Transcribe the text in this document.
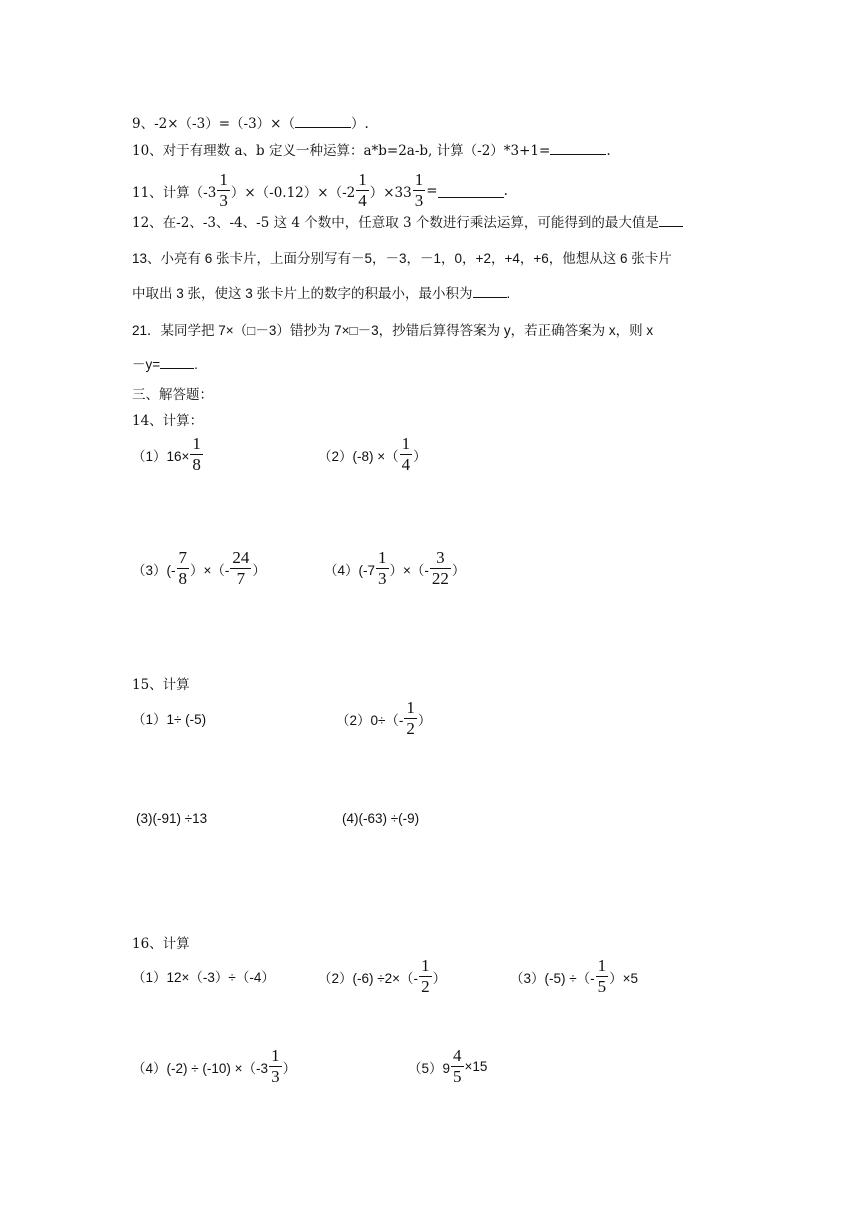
9、-2×（-3）=（-3）×（	）.
10、对于有理数 a、b 定义一种运算：a*b=2a-b, 计算（-2）*3+1=	.
11、计算$(-3 \frac{1}{3} )\times(-0.12)\times(-2 \frac{1}{4} )\times 33 \frac{1}{3}$ =	.
12、在-2、-3、-4、-5 这 4 个数中，任意取 3 个数进行乘法运算，可能得到的最大值是
13、小亮有 6 张卡片，上面分别写有－5，－3，－1，0，+2，+4，+6，他想从这 6 张卡片
中取出 3 张，使这 3 张卡片上的数字的积最小，最小积为	.
21．某同学把 7×（□－3）错抄为 7×□－3，抄错后算得答案为 y，若正确答案为 x，则 x
－y=	.
三、解答题：
14、计算：
$(1)16\times \frac{1}{8}$	（2）(-8) ×（ $\frac{1}{4}$ ）
$(3)(- \frac{7}{8}$ ）×（- $\frac{24}{7}$ ）	$(4)(-7 \frac{1}{3}$ ）×（- $\frac{3}{22}$ ）
15、计算
（1）1÷ (-5)	$(2)0\div(- \frac{1}{2}$ ）
(3)(-91) ÷13	(4)(-63) ÷(-9)
16、计算
（1）12×（-3）÷（-4）	$(2)(-6) \div 2\times(- \frac{1}{2}$ ）	（3）(-5) ÷（- $\frac{1}{5} )\times 5$
$(4)(-2) \div (-10) \times(-3 \frac{1}{3}$ ）	$(5)9 \frac{4}{5} \times 15$
